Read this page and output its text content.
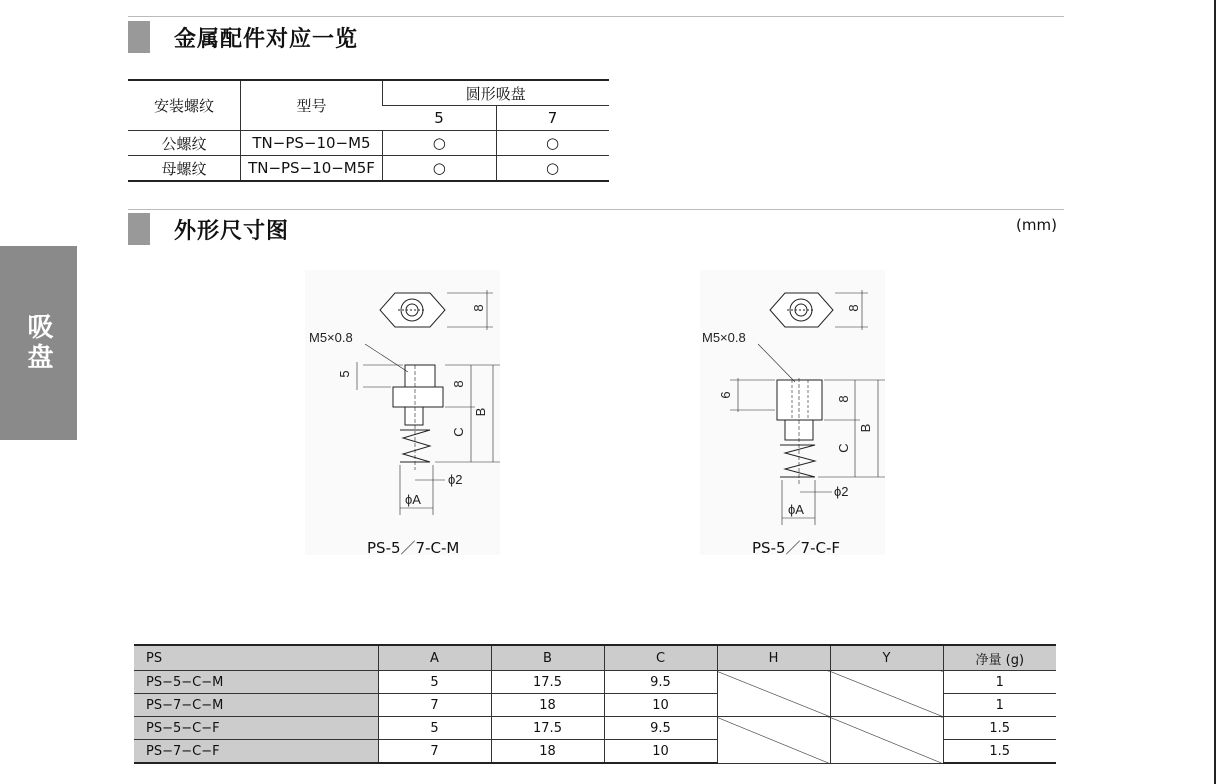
吸盘
金属配件对应一览
安装螺纹	型号	圆形吸盘	
		5	7
公螺纹	TN−PS−10−M5	○	○
母螺纹	TN−PS−10−M5F	○	○
外形尺寸图	(mm)
M5×0.8
8
5
8
C
B
ϕ2
ϕA
PS-5／7-C-M
M5×0.8
8
6
8
C
B
ϕ2
ϕA
PS-5／7-C-F
PS	A	B	C	H	Y	净量 (g)
PS−5−C−M	5	17.5	9.5			1
PS−7−C−M	7	18	10			1
PS−5−C−F	5	17.5	9.5			1.5
PS−7−C−F	7	18	10			1.5
